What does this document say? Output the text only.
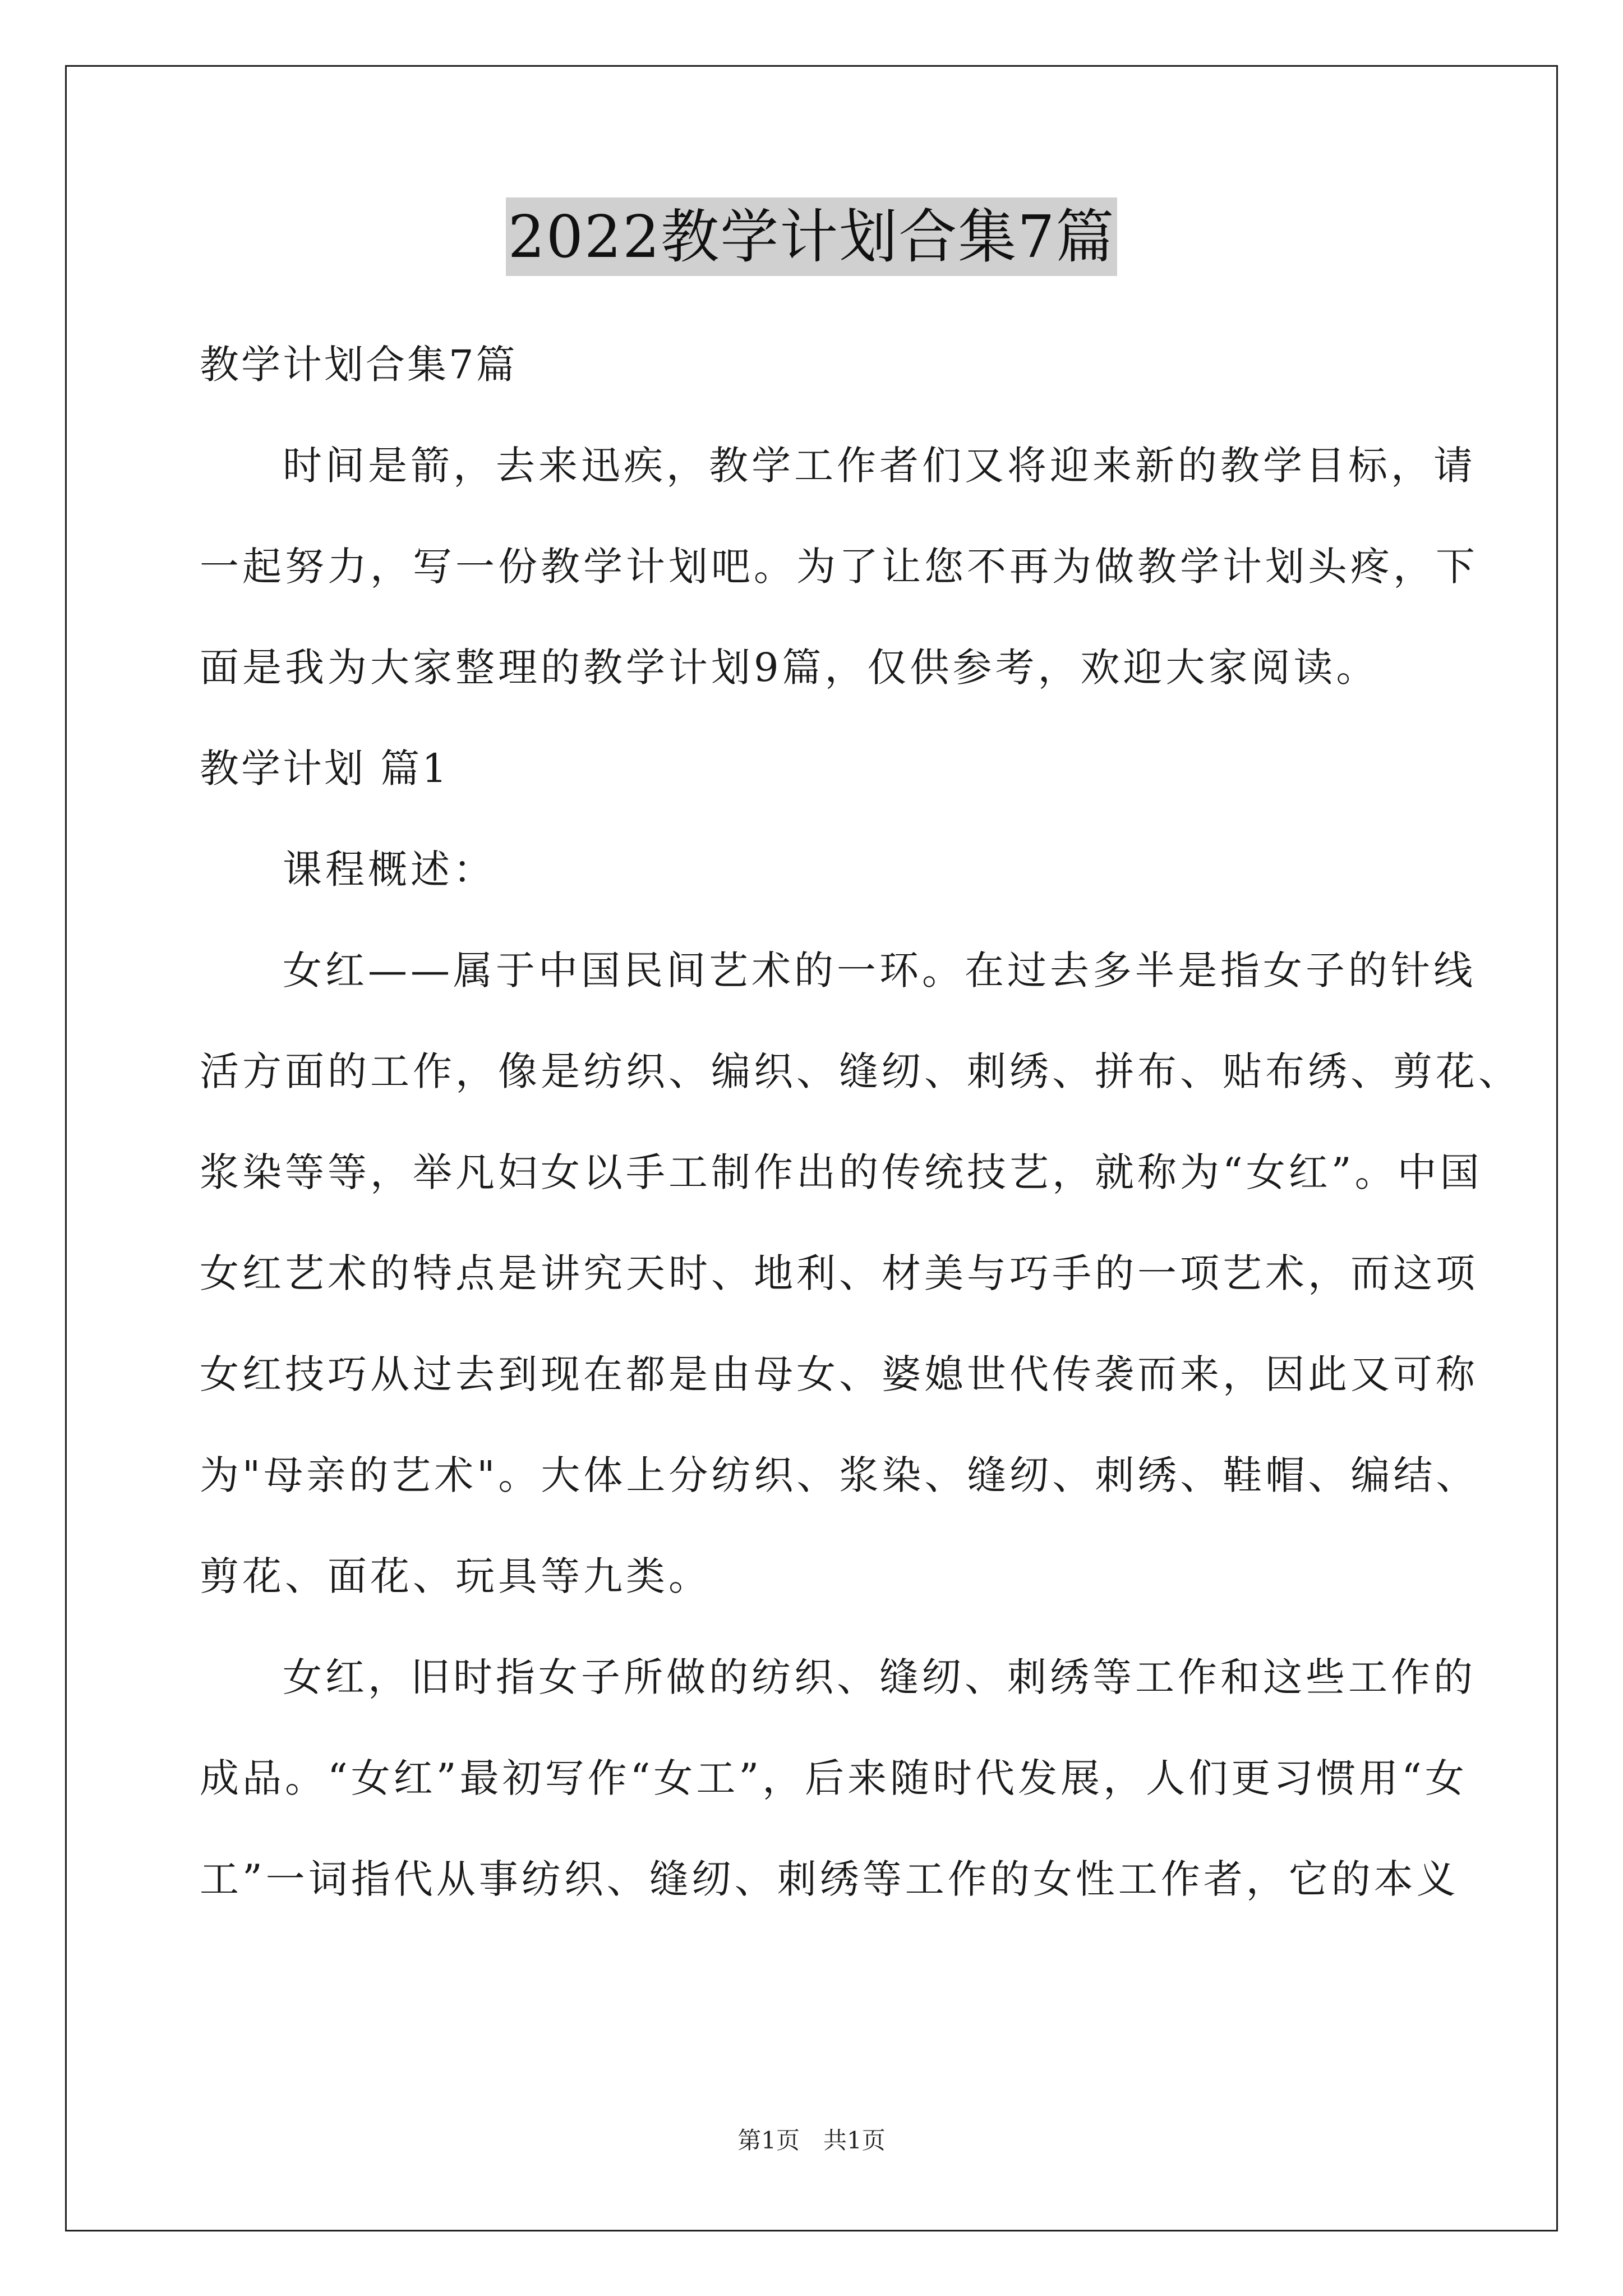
2022教学计划合集7篇
教学计划合集7篇
时间是箭，去来迅疾，教学工作者们又将迎来新的教学目标，请
一起努力，写一份教学计划吧。为了让您不再为做教学计划头疼，下
面是我为大家整理的教学计划9篇，仅供参考，欢迎大家阅读。
教学计划 篇1
课程概述：
女红——属于中国民间艺术的一环。在过去多半是指女子的针线
活方面的工作，像是纺织、编织、缝纫、刺绣、拼布、贴布绣、剪花、
浆染等等，举凡妇女以手工制作出的传统技艺，就称为“女红”。中国
女红艺术的特点是讲究天时、地利、材美与巧手的一项艺术，而这项
女红技巧从过去到现在都是由母女、婆媳世代传袭而来，因此又可称
为"母亲的艺术"。大体上分纺织、浆染、缝纫、刺绣、鞋帽、编结、
剪花、面花、玩具等九类。
女红，旧时指女子所做的纺织、缝纫、刺绣等工作和这些工作的
成品。“女红”最初写作“女工”，后来随时代发展，人们更习惯用“女
工”一词指代从事纺织、缝纫、刺绣等工作的女性工作者，它的本义
第1页　共1页
